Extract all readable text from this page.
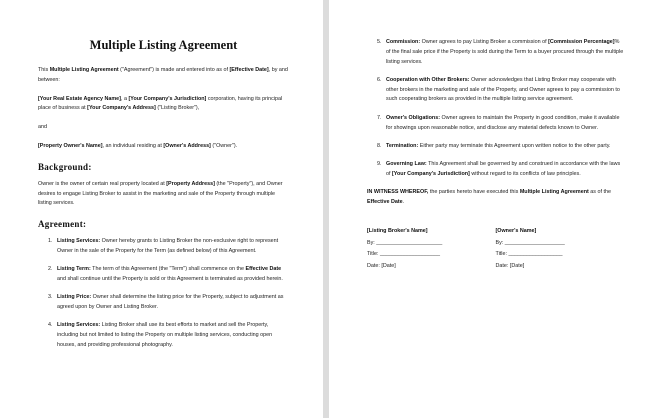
Multiple Listing Agreement

This Multiple Listing Agreement ("Agreement") is made and entered into as of [Effective Date], by and between:

[Your Real Estate Agency Name], a [Your Company's Jurisdiction] corporation, having its principal place of business at [Your Company's Address] ("Listing Broker"),

and

[Property Owner's Name], an individual residing at [Owner's Address] ("Owner").

Background:

Owner is the owner of certain real property located at [Property Address] (the "Property"), and Owner desires to engage Listing Broker to assist in the marketing and sale of the Property through multiple listing services.

Agreement:
1. Listing Services: Owner hereby grants to Listing Broker the non-exclusive right to represent Owner in the sale of the Property for the Term (as defined below) of this Agreement.
2. Listing Term: The term of this Agreement (the "Term") shall commence on the Effective Date and shall continue until the Property is sold or this Agreement is terminated as provided herein.
3. Listing Price: Owner shall determine the listing price for the Property, subject to adjustment as agreed upon by Owner and Listing Broker.
4. Listing Services: Listing Broker shall use its best efforts to market and sell the Property, including but not limited to listing the Property on multiple listing services, conducting open houses, and providing professional photography.
5. Commission: Owner agrees to pay Listing Broker a commission of [Commission Percentage]% of the final sale price if the Property is sold during the Term to a buyer procured through the multiple listing services.
6. Cooperation with Other Brokers: Owner acknowledges that Listing Broker may cooperate with other brokers in the marketing and sale of the Property, and Owner agrees to pay a commission to such cooperating brokers as provided in the multiple listing service agreement.
7. Owner's Obligations: Owner agrees to maintain the Property in good condition, make it available for showings upon reasonable notice, and disclose any material defects known to Owner.
8. Termination: Either party may terminate this Agreement upon written notice to the other party.
9. Governing Law: This Agreement shall be governed by and construed in accordance with the laws of [Your Company's Jurisdiction] without regard to its conflicts of law principles.

IN WITNESS WHEREOF, the parties hereto have executed this Multiple Listing Agreement as of the Effective Date.

[Listing Broker's Name]

By: ______________________

Title: ____________________

Date: [Date]

[Owner's Name]

By: ____________________

Title: __________________

Date: [Date]
